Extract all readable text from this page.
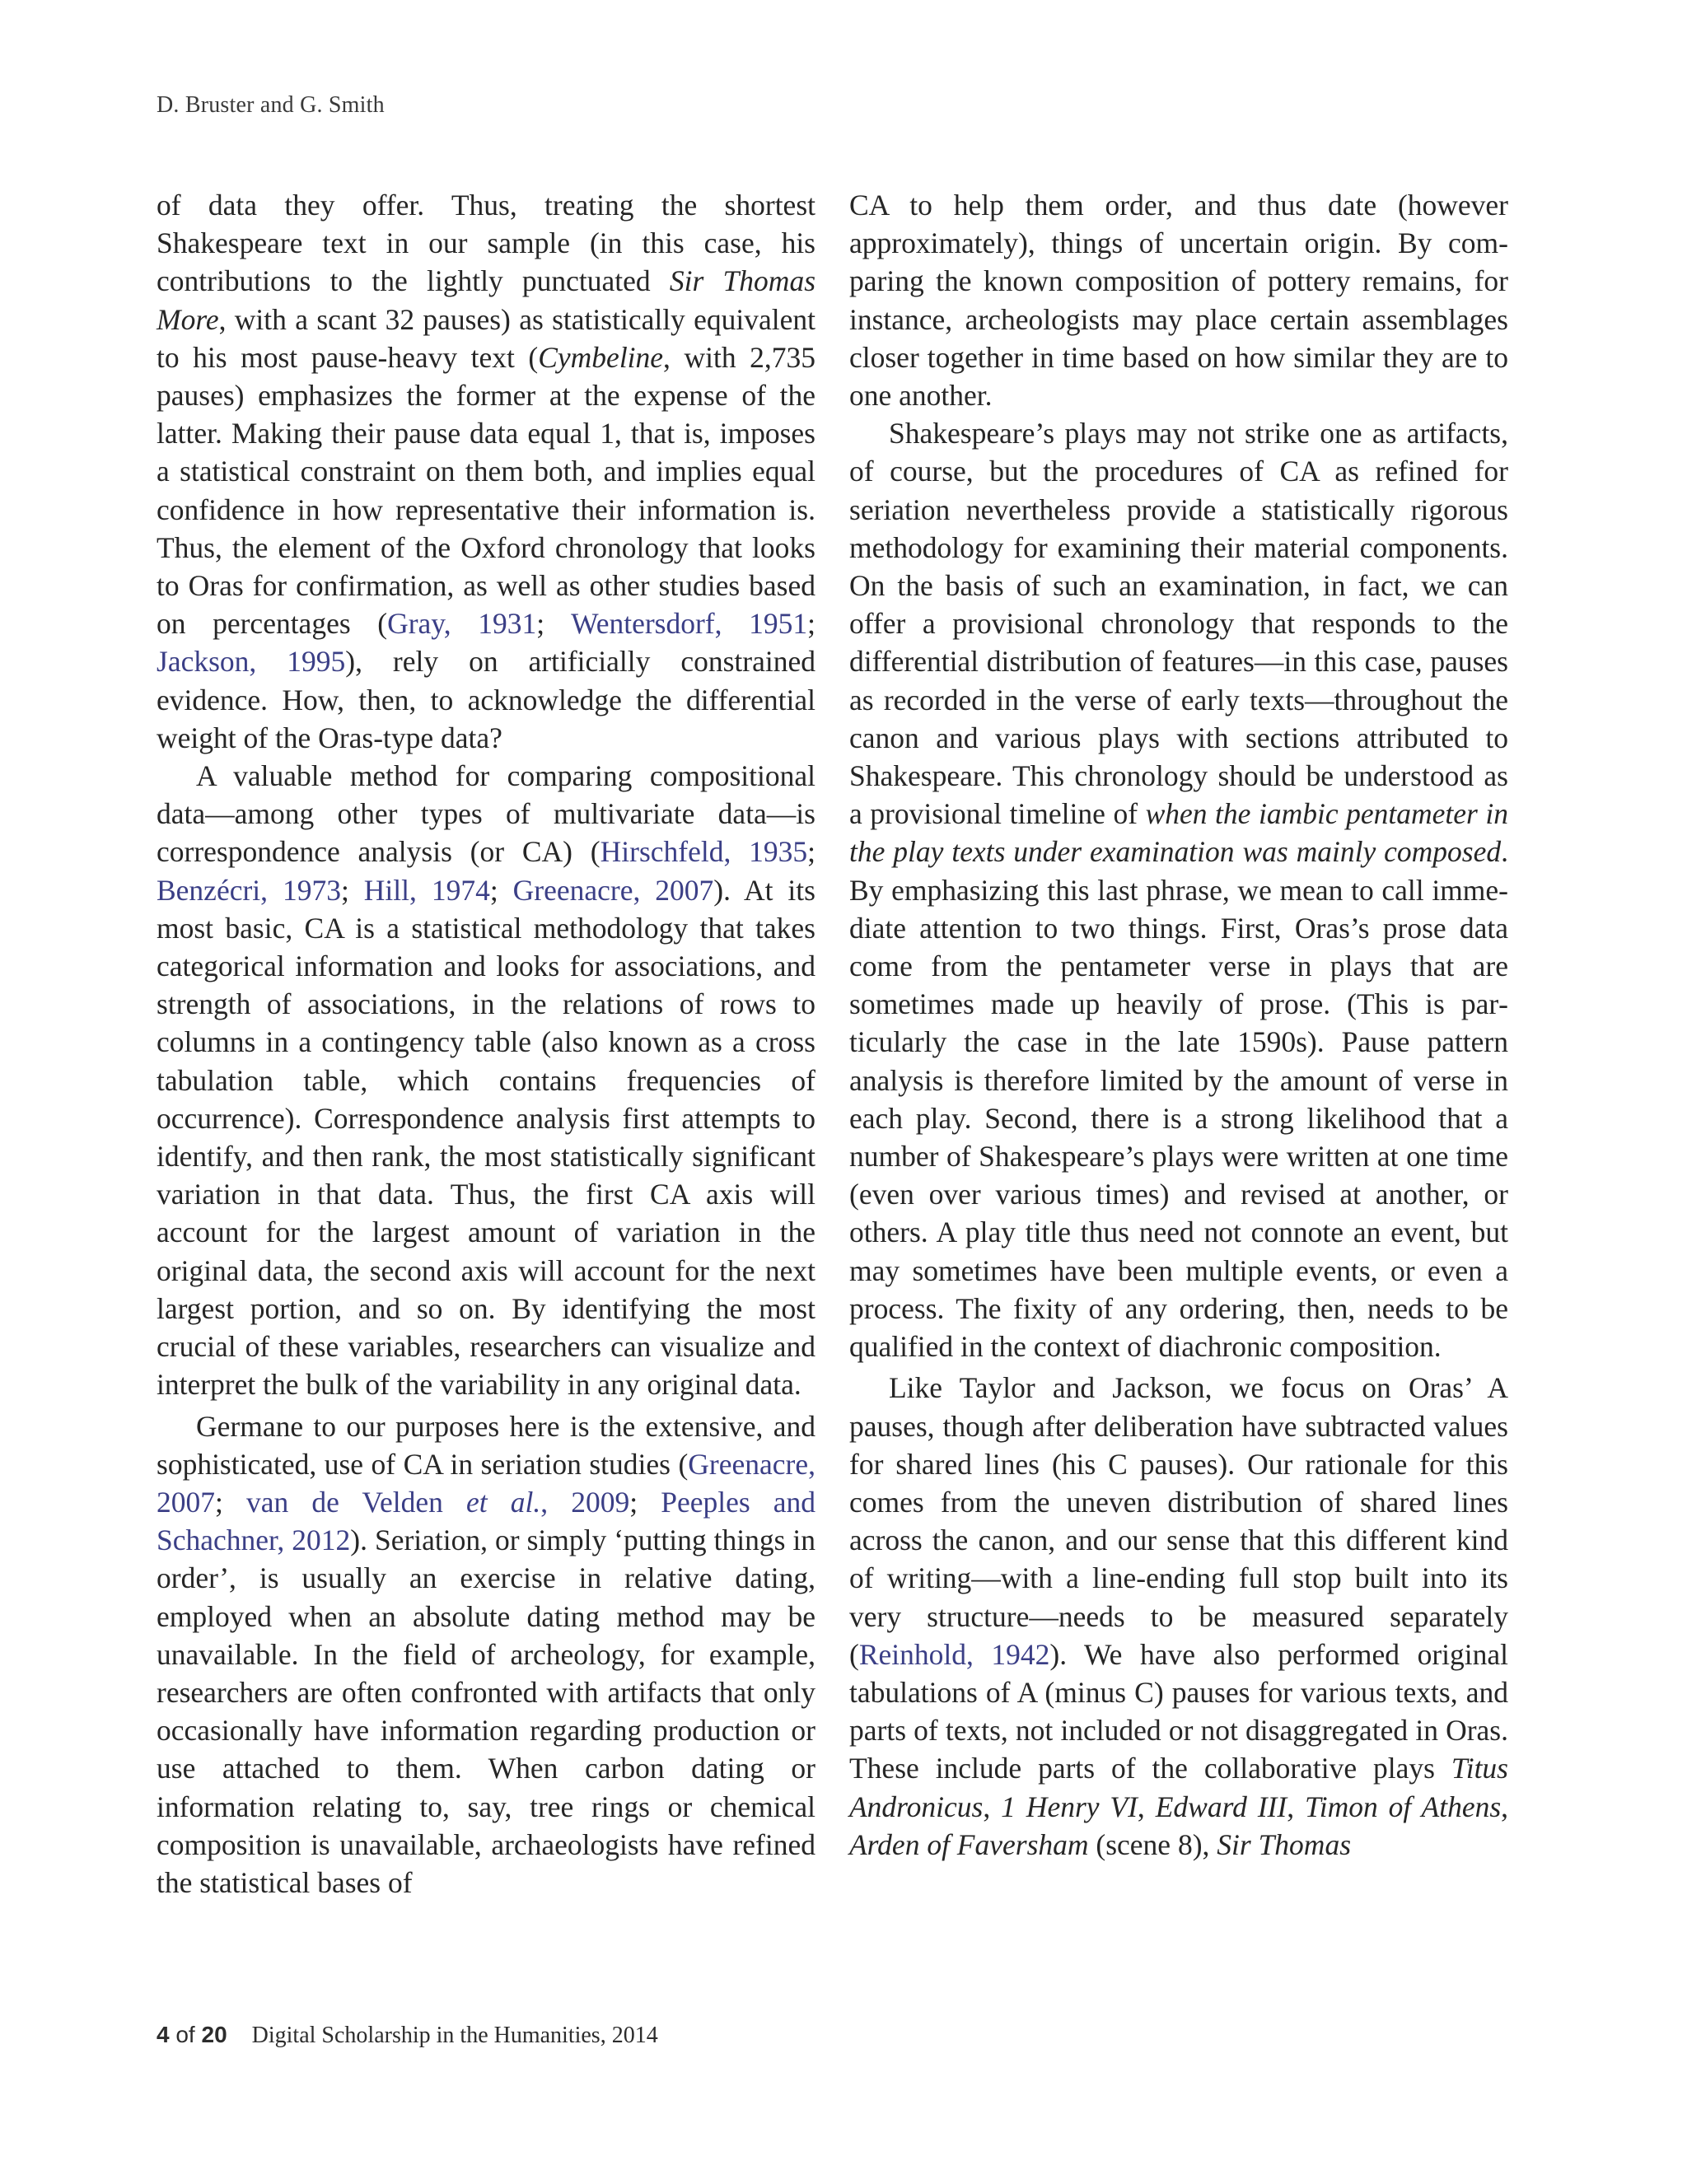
D. Bruster and G. Smith

of data they offer. Thus, treating the shortest Shakespeare text in our sample (in this case, his contributions to the lightly punctuated Sir Thomas More, with a scant 32 pauses) as statistically equivalent to his most pause-heavy text (Cymbeline, with 2,735 pauses) emphasizes the former at the expense of the latter. Making their pause data equal 1, that is, imposes a statistical constraint on them both, and implies equal confidence in how representative their information is. Thus, the element of the Oxford chronology that looks to Oras for confirmation, as well as other studies based on percentages (Gray, 1931; Wentersdorf, 1951; Jackson, 1995), rely on artificially constrained evidence. How, then, to acknowledge the differential weight of the Oras-type data?

A valuable method for comparing compositional data—among other types of multivariate data—is correspondence analysis (or CA) (Hirschfeld, 1935; Benzécri, 1973; Hill, 1974; Greenacre, 2007). At its most basic, CA is a statistical methodology that takes categorical information and looks for associations, and strength of associations, in the relations of rows to columns in a contingency table (also known as a cross tabulation table, which contains frequencies of occurrence). Correspondence analysis first attempts to identify, and then rank, the most statistically significant variation in that data. Thus, the first CA axis will account for the largest amount of variation in the original data, the second axis will account for the next largest portion, and so on. By identifying the most crucial of these variables, researchers can visualize and interpret the bulk of the variability in any original data.

Germane to our purposes here is the extensive, and sophisticated, use of CA in seriation studies (Greenacre, 2007; van de Velden et al., 2009; Peeples and Schachner, 2012). Seriation, or simply ‘putting things in order’, is usually an exercise in relative dating, employed when an absolute dating method may be unavailable. In the field of archeology, for example, researchers are often confronted with artifacts that only occasionally have information regarding production or use attached to them. When carbon dating or information relating to, say, tree rings or chemical composition is unavailable, archaeologists have refined the statistical bases of

CA to help them order, and thus date (however approximately), things of uncertain origin. By comparing the known composition of pottery remains, for instance, archeologists may place certain assemblages closer together in time based on how similar they are to one another.

Shakespeare’s plays may not strike one as artifacts, of course, but the procedures of CA as refined for seriation nevertheless provide a statistically rigorous methodology for examining their material components. On the basis of such an examination, in fact, we can offer a provisional chronology that responds to the differential distribution of features—in this case, pauses as recorded in the verse of early texts—throughout the canon and various plays with sections attributed to Shakespeare. This chronology should be understood as a provisional timeline of when the iambic pentameter in the play texts under examination was mainly composed. By emphasizing this last phrase, we mean to call immediate attention to two things. First, Oras’s prose data come from the pentameter verse in plays that are sometimes made up heavily of prose. (This is particularly the case in the late 1590s). Pause pattern analysis is therefore limited by the amount of verse in each play. Second, there is a strong likelihood that a number of Shakespeare’s plays were written at one time (even over various times) and revised at another, or others. A play title thus need not connote an event, but may sometimes have been multiple events, or even a process. The fixity of any ordering, then, needs to be qualified in the context of diachronic composition.

Like Taylor and Jackson, we focus on Oras’ A pauses, though after deliberation have subtracted values for shared lines (his C pauses). Our rationale for this comes from the uneven distribution of shared lines across the canon, and our sense that this different kind of writing—with a line-ending full stop built into its very structure—needs to be measured separately (Reinhold, 1942). We have also performed original tabulations of A (minus C) pauses for various texts, and parts of texts, not included or not disaggregated in Oras. These include parts of the collaborative plays Titus Andronicus, 1 Henry VI, Edward III, Timon of Athens, Arden of Faversham (scene 8), Sir Thomas

4 of 20 Digital Scholarship in the Humanities, 2014
